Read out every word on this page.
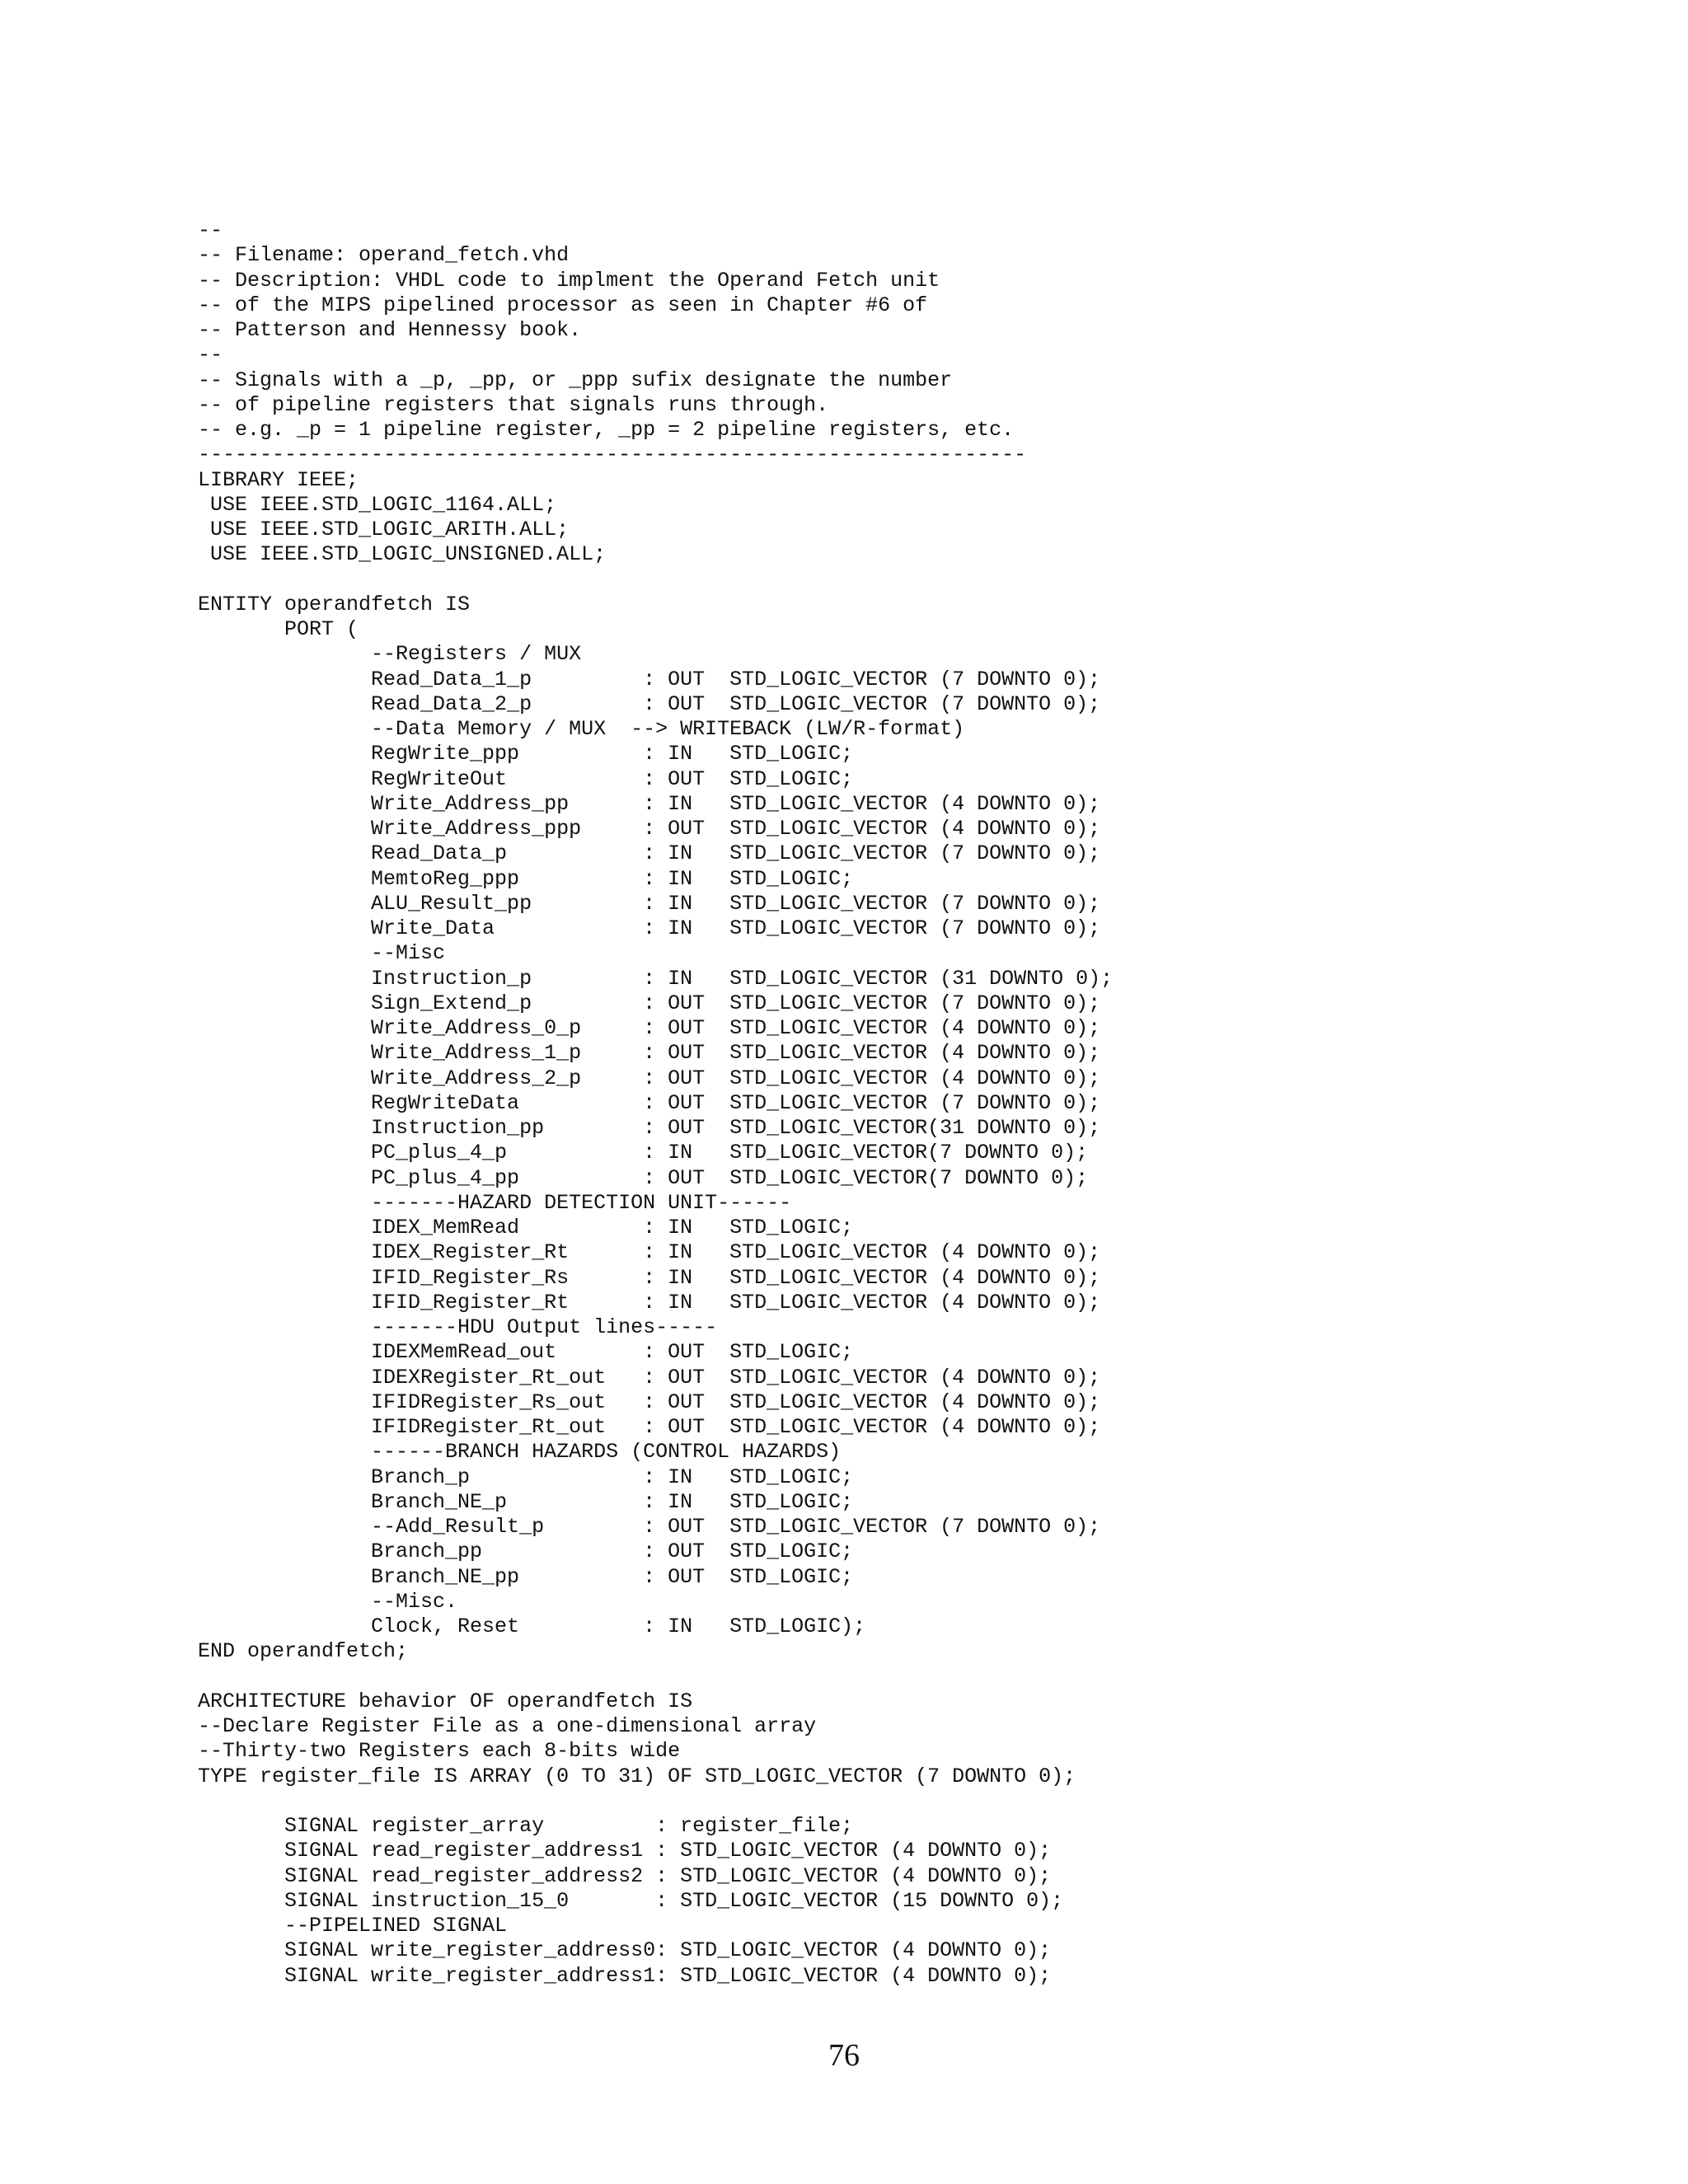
--
-- Filename: operand_fetch.vhd
-- Description: VHDL code to implment the Operand Fetch unit
-- of the MIPS pipelined processor as seen in Chapter #6 of
-- Patterson and Hennessy book.
--
-- Signals with a _p, _pp, or _ppp sufix designate the number
-- of pipeline registers that signals runs through.
-- e.g. _p = 1 pipeline register, _pp = 2 pipeline registers, etc.
-------------------------------------------------------------------
LIBRARY IEEE;
USE IEEE.STD_LOGIC_1164.ALL;
USE IEEE.STD_LOGIC_ARITH.ALL;
USE IEEE.STD_LOGIC_UNSIGNED.ALL;
ENTITY operandfetch IS
PORT (
--Registers / MUX
Read_Data_1_p         : OUT  STD_LOGIC_VECTOR (7 DOWNTO 0);
Read_Data_2_p         : OUT  STD_LOGIC_VECTOR (7 DOWNTO 0);
--Data Memory / MUX  --> WRITEBACK (LW/R-format)
RegWrite_ppp          : IN   STD_LOGIC;
RegWriteOut           : OUT  STD_LOGIC;
Write_Address_pp      : IN   STD_LOGIC_VECTOR (4 DOWNTO 0);
Write_Address_ppp     : OUT  STD_LOGIC_VECTOR (4 DOWNTO 0);
Read_Data_p           : IN   STD_LOGIC_VECTOR (7 DOWNTO 0);
MemtoReg_ppp          : IN   STD_LOGIC;
ALU_Result_pp         : IN   STD_LOGIC_VECTOR (7 DOWNTO 0);
Write_Data            : IN   STD_LOGIC_VECTOR (7 DOWNTO 0);
--Misc
Instruction_p         : IN   STD_LOGIC_VECTOR (31 DOWNTO 0);
Sign_Extend_p         : OUT  STD_LOGIC_VECTOR (7 DOWNTO 0);
Write_Address_0_p     : OUT  STD_LOGIC_VECTOR (4 DOWNTO 0);
Write_Address_1_p     : OUT  STD_LOGIC_VECTOR (4 DOWNTO 0);
Write_Address_2_p     : OUT  STD_LOGIC_VECTOR (4 DOWNTO 0);
RegWriteData          : OUT  STD_LOGIC_VECTOR (7 DOWNTO 0);
Instruction_pp        : OUT  STD_LOGIC_VECTOR(31 DOWNTO 0);
PC_plus_4_p           : IN   STD_LOGIC_VECTOR(7 DOWNTO 0);
PC_plus_4_pp          : OUT  STD_LOGIC_VECTOR(7 DOWNTO 0);
-------HAZARD DETECTION UNIT------
IDEX_MemRead          : IN   STD_LOGIC;
IDEX_Register_Rt      : IN   STD_LOGIC_VECTOR (4 DOWNTO 0);
IFID_Register_Rs      : IN   STD_LOGIC_VECTOR (4 DOWNTO 0);
IFID_Register_Rt      : IN   STD_LOGIC_VECTOR (4 DOWNTO 0);
-------HDU Output lines-----
IDEXMemRead_out       : OUT  STD_LOGIC;
IDEXRegister_Rt_out   : OUT  STD_LOGIC_VECTOR (4 DOWNTO 0);
IFIDRegister_Rs_out   : OUT  STD_LOGIC_VECTOR (4 DOWNTO 0);
IFIDRegister_Rt_out   : OUT  STD_LOGIC_VECTOR (4 DOWNTO 0);
------BRANCH HAZARDS (CONTROL HAZARDS)
Branch_p              : IN   STD_LOGIC;
Branch_NE_p           : IN   STD_LOGIC;
--Add_Result_p        : OUT  STD_LOGIC_VECTOR (7 DOWNTO 0);
Branch_pp             : OUT  STD_LOGIC;
Branch_NE_pp          : OUT  STD_LOGIC;
--Misc.
Clock, Reset          : IN   STD_LOGIC);
END operandfetch;
ARCHITECTURE behavior OF operandfetch IS
--Declare Register File as a one-dimensional array
--Thirty-two Registers each 8-bits wide
TYPE register_file IS ARRAY (0 TO 31) OF STD_LOGIC_VECTOR (7 DOWNTO 0);
SIGNAL register_array         : register_file;
SIGNAL read_register_address1 : STD_LOGIC_VECTOR (4 DOWNTO 0);
SIGNAL read_register_address2 : STD_LOGIC_VECTOR (4 DOWNTO 0);
SIGNAL instruction_15_0       : STD_LOGIC_VECTOR (15 DOWNTO 0);
--PIPELINED SIGNAL
SIGNAL write_register_address0: STD_LOGIC_VECTOR (4 DOWNTO 0);
SIGNAL write_register_address1: STD_LOGIC_VECTOR (4 DOWNTO 0);
76
